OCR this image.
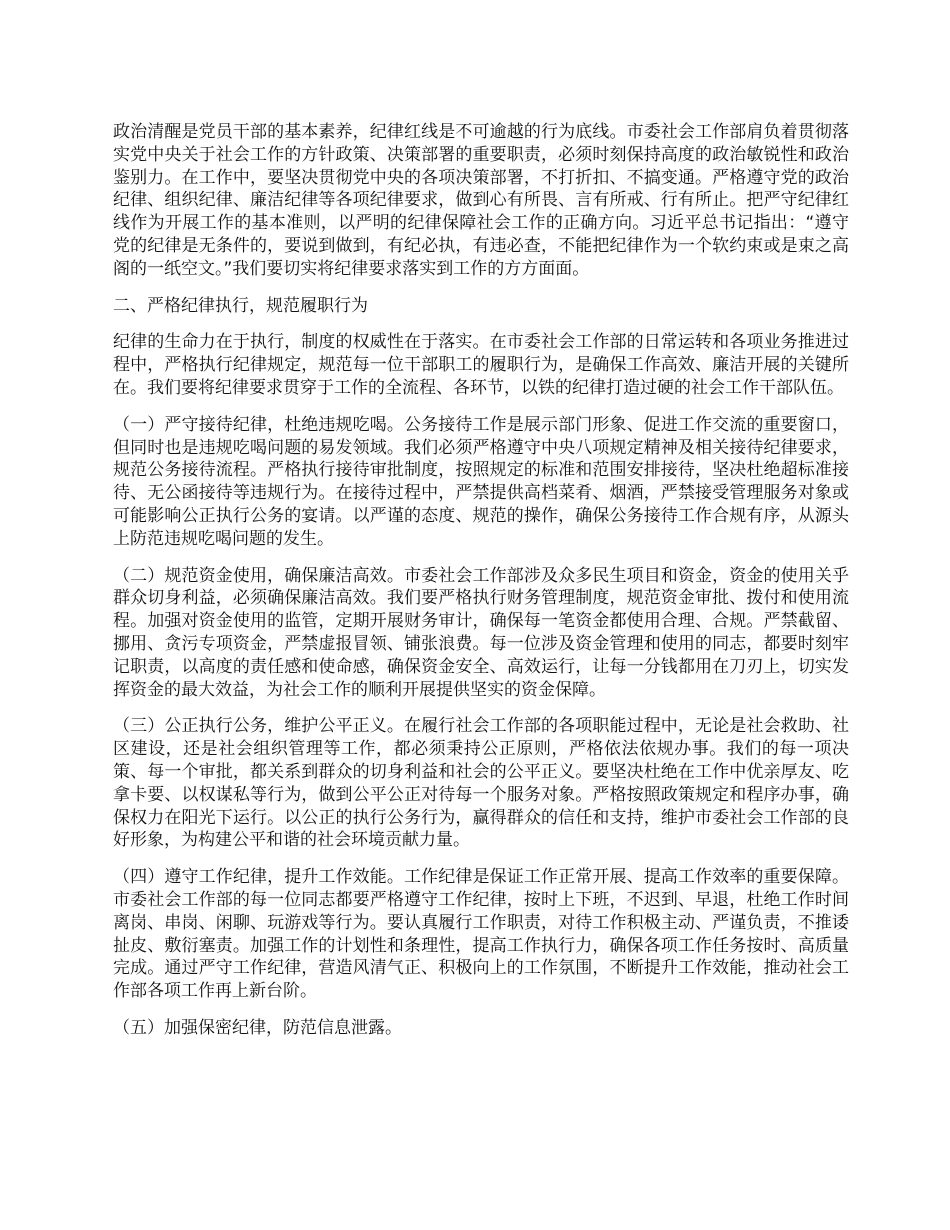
政治清醒是党员干部的基本素养，纪律红线是不可逾越的行为底线。市委社会工作部肩负着贯彻落实党中央关于社会工作的方针政策、决策部署的重要职责，必须时刻保持高度的政治敏锐性和政治鉴别力。在工作中，要坚决贯彻党中央的各项决策部署，不打折扣、不搞变通。严格遵守党的政治纪律、组织纪律、廉洁纪律等各项纪律要求，做到心有所畏、言有所戒、行有所止。把严守纪律红线作为开展工作的基本准则，以严明的纪律保障社会工作的正确方向。习近平总书记指出：“遵守党的纪律是无条件的，要说到做到，有纪必执，有违必查，不能把纪律作为一个软约束或是束之高阁的一纸空文。”我们要切实将纪律要求落实到工作的方方面面。

二、严格纪律执行，规范履职行为

纪律的生命力在于执行，制度的权威性在于落实。在市委社会工作部的日常运转和各项业务推进过程中，严格执行纪律规定，规范每一位干部职工的履职行为，是确保工作高效、廉洁开展的关键所在。我们要将纪律要求贯穿于工作的全流程、各环节，以铁的纪律打造过硬的社会工作干部队伍。

（一）严守接待纪律，杜绝违规吃喝。公务接待工作是展示部门形象、促进工作交流的重要窗口，但同时也是违规吃喝问题的易发领域。我们必须严格遵守中央八项规定精神及相关接待纪律要求，规范公务接待流程。严格执行接待审批制度，按照规定的标准和范围安排接待，坚决杜绝超标准接待、无公函接待等违规行为。在接待过程中，严禁提供高档菜肴、烟酒，严禁接受管理服务对象或可能影响公正执行公务的宴请。以严谨的态度、规范的操作，确保公务接待工作合规有序，从源头上防范违规吃喝问题的发生。

（二）规范资金使用，确保廉洁高效。市委社会工作部涉及众多民生项目和资金，资金的使用关乎群众切身利益，必须确保廉洁高效。我们要严格执行财务管理制度，规范资金审批、拨付和使用流程。加强对资金使用的监管，定期开展财务审计，确保每一笔资金都使用合理、合规。严禁截留、挪用、贪污专项资金，严禁虚报冒领、铺张浪费。每一位涉及资金管理和使用的同志，都要时刻牢记职责，以高度的责任感和使命感，确保资金安全、高效运行，让每一分钱都用在刀刃上，切实发挥资金的最大效益，为社会工作的顺利开展提供坚实的资金保障。

（三）公正执行公务，维护公平正义。在履行社会工作部的各项职能过程中，无论是社会救助、社区建设，还是社会组织管理等工作，都必须秉持公正原则，严格依法依规办事。我们的每一项决策、每一个审批，都关系到群众的切身利益和社会的公平正义。要坚决杜绝在工作中优亲厚友、吃拿卡要、以权谋私等行为，做到公平公正对待每一个服务对象。严格按照政策规定和程序办事，确保权力在阳光下运行。以公正的执行公务行为，赢得群众的信任和支持，维护市委社会工作部的良好形象，为构建公平和谐的社会环境贡献力量。

（四）遵守工作纪律，提升工作效能。工作纪律是保证工作正常开展、提高工作效率的重要保障。市委社会工作部的每一位同志都要严格遵守工作纪律，按时上下班，不迟到、早退，杜绝工作时间离岗、串岗、闲聊、玩游戏等行为。要认真履行工作职责，对待工作积极主动、严谨负责，不推诿扯皮、敷衍塞责。加强工作的计划性和条理性，提高工作执行力，确保各项工作任务按时、高质量完成。通过严守工作纪律，营造风清气正、积极向上的工作氛围，不断提升工作效能，推动社会工作部各项工作再上新台阶。

（五）加强保密纪律，防范信息泄露。
